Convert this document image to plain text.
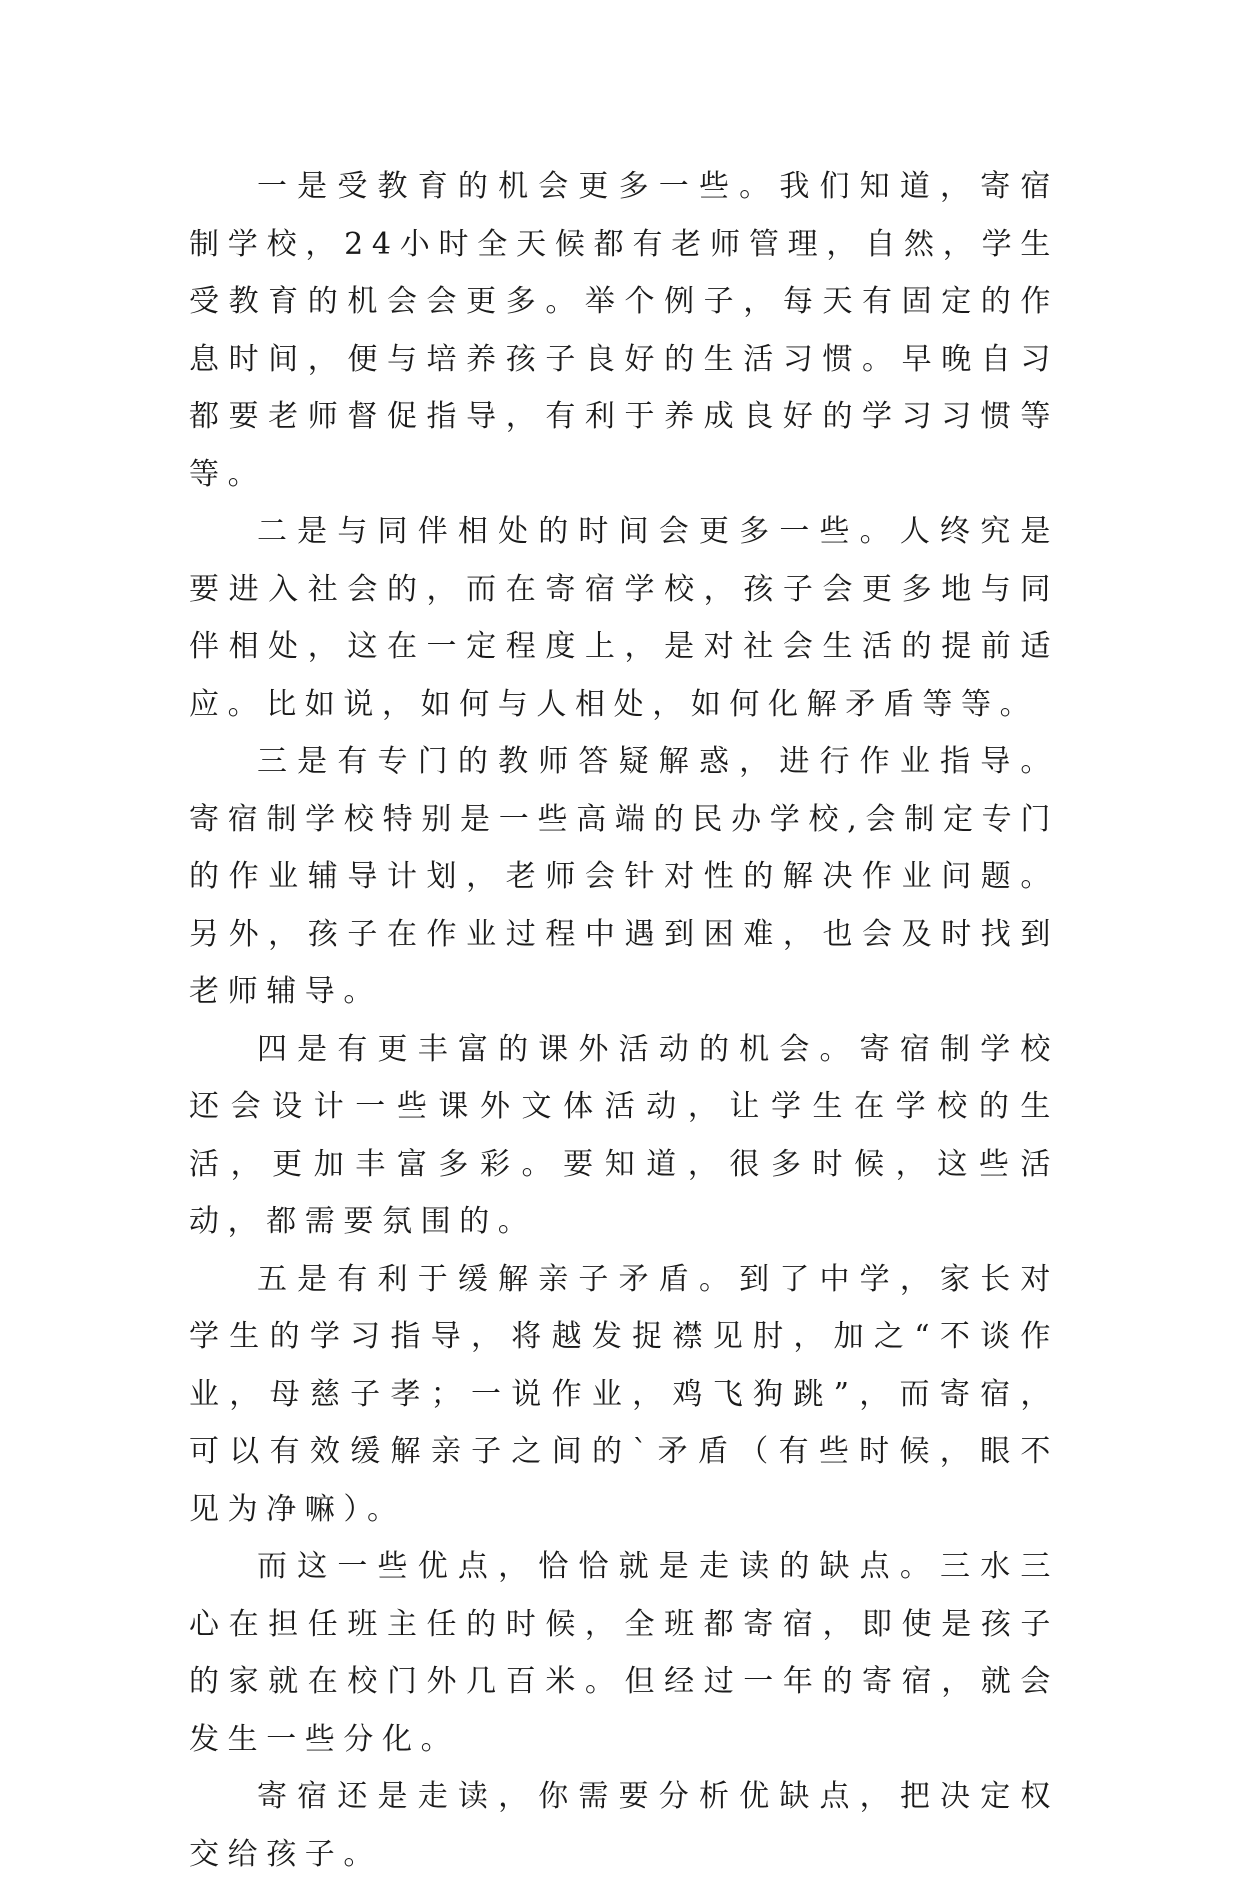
一是受教育的机会更多一些。我们知道，寄宿制学校，24小时全天候都有老师管理，自然，学生受教育的机会会更多。举个例子，每天有固定的作息时间，便与培养孩子良好的生活习惯。早晚自习都要老师督促指导，有利于养成良好的学习习惯等等。

二是与同伴相处的时间会更多一些。人终究是要进入社会的，而在寄宿学校，孩子会更多地与同伴相处，这在一定程度上，是对社会生活的提前适应。比如说，如何与人相处，如何化解矛盾等等。

三是有专门的教师答疑解惑，进行作业指导。寄宿制学校特别是一些高端的民办学校,会制定专门的作业辅导计划，老师会针对性的解决作业问题。另外，孩子在作业过程中遇到困难，也会及时找到老师辅导。

四是有更丰富的课外活动的机会。寄宿制学校还会设计一些课外文体活动，让学生在学校的生活，更加丰富多彩。要知道，很多时候，这些活动，都需要氛围的。

五是有利于缓解亲子矛盾。到了中学，家长对学生的学习指导，将越发捉襟见肘，加之“不谈作业，母慈子孝；一说作业，鸡飞狗跳”，而寄宿，可以有效缓解亲子之间的`矛盾（有些时候，眼不见为净嘛）。

而这一些优点，恰恰就是走读的缺点。三水三心在担任班主任的时候，全班都寄宿，即使是孩子的家就在校门外几百米。但经过一年的寄宿，就会发生一些分化。

寄宿还是走读，你需要分析优缺点，把决定权交给孩子。
